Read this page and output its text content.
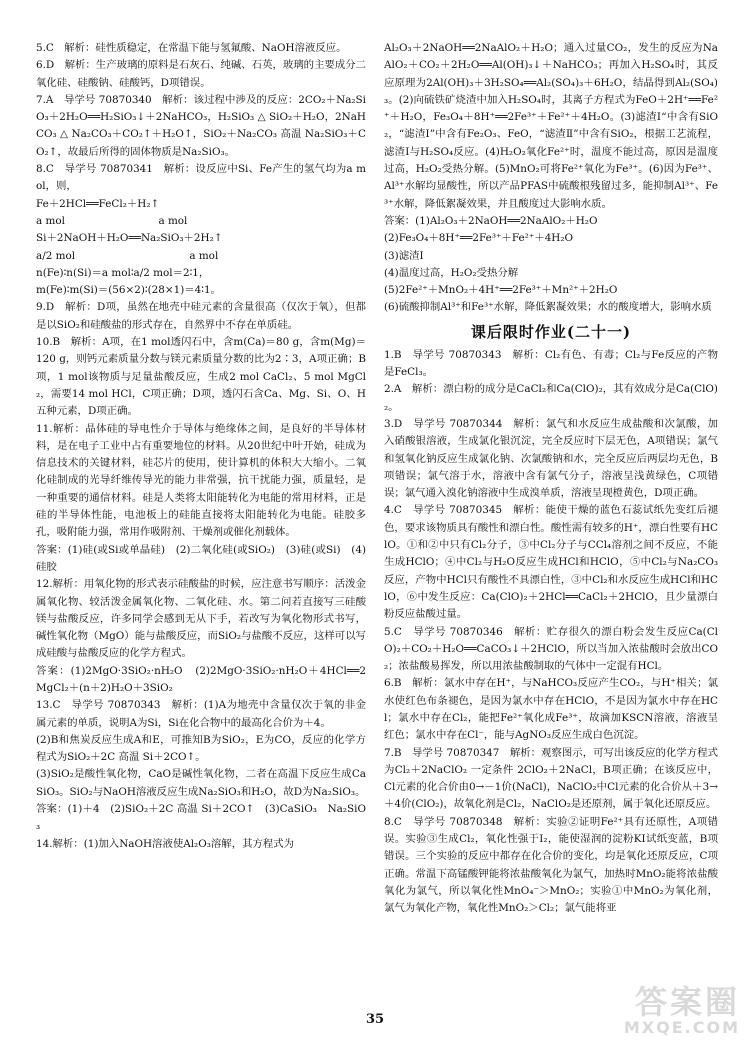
5.C　解析：硅性质稳定，在常温下能与氢氟酸、NaOH溶液反应。

6.D　解析：生产玻璃的原料是石灰石、纯碱、石英，玻璃的主要成分二氧化硅、硅酸钠、硅酸钙，D项错误。

7.A　导学号 70870340　解析：该过程中涉及的反应：2CO₂＋Na₂SiO₃＋2H₂O══H₂SiO₃↓＋2NaHCO₃，H₂SiO₃ △ SiO₂＋H₂O，2NaHCO₃ △ Na₂CO₃＋CO₂↑＋H₂O↑，SiO₂＋Na₂CO₃ 高温 Na₂SiO₃＋CO₂↑，故最后所得的固体物质是Na₂SiO₃。

8.C　导学号 70870341　解析：设反应中Si、Fe产生的氢气均为a mol，则，

Fe＋2HCl══FeCl₂＋H₂↑

a mol　　　　　　　　　a mol

Si＋2NaOH＋H₂O══Na₂SiO₃＋2H₂↑

a/2 mol　　　　　　　　　　　a mol

n(Fe)∶n(Si)＝a mol∶a/2 mol＝2∶1，

m(Fe)∶m(Si)＝(56×2)∶(28×1)＝4∶1。

9.D　解析：D项，虽然在地壳中硅元素的含量很高（仅次于氧），但都是以SiO₂和硅酸盐的形式存在，自然界中不存在单质硅。

10.B　解析：A项，在1 mol透闪石中，含m(Ca)＝80 g，含m(Mg)＝120 g，则钙元素质量分数与镁元素质量分数的比为2∶3，A项正确；B项，1 mol该物质与足量盐酸反应，生成2 mol CaCl₂、5 mol MgCl₂，需要14 mol HCl，C项正确；D项，透闪石含Ca、Mg、Si、O、H五种元素，D项正确。

11.解析：晶体硅的导电性介于导体与绝缘体之间，是良好的半导体材料，是在电子工业中占有重要地位的材料。从20世纪中叶开始，硅成为信息技术的关键材料，硅芯片的使用，使计算机的体积大大缩小。二氧化硅制成的光导纤维传导光的能力非常强，抗干扰能力强，质量轻，是一种重要的通信材料。硅是人类将太阳能转化为电能的常用材料，正是硅的半导体性能，电池板上的硅能直接将太阳能转化为电能。硅胶多孔，吸附能力强，常用作吸附剂、干燥剂或催化剂载体。

答案：(1)硅(或Si或单晶硅)　(2)二氧化硅(或SiO₂)　(3)硅(或Si)　(4)硅胶

12.解析：用氧化物的形式表示硅酸盐的时候，应注意书写顺序：活泼金属氧化物、较活泼金属氧化物、二氧化硅、水。第二问若直接写三硅酸镁与盐酸反应，许多同学会感到无从下手，若改写为氧化物形式书写，碱性氧化物（MgO）能与盐酸反应，而SiO₂与盐酸不反应，这样可以写成硅酸与盐酸反应的化学方程式。

答案：(1)2MgO·3SiO₂·nH₂O　(2)2MgO·3SiO₂·nH₂O＋4HCl══2MgCl₂＋(n＋2)H₂O＋3SiO₂

13.C　导学号 70870343　解析：(1)A为地壳中含量仅次于氧的非金属元素的单质，说明A为Si，Si在化合物中的最高化合价为＋4。

(2)B和焦炭反应生成A和E，可推知B为SiO₂，E为CO，反应的化学方程式为SiO₂＋2C 高温 Si＋2CO↑。

(3)SiO₂是酸性氧化物，CaO是碱性氧化物，二者在高温下反应生成CaSiO₃。SiO₂与NaOH溶液反应生成Na₂SiO₃和H₂O，故D为Na₂SiO₃。

答案：(1)＋4　(2)SiO₂＋2C 高温 Si＋2CO↑　(3)CaSiO₃　Na₂SiO₃

14.解析：(1)加入NaOH溶液使Al₂O₃溶解，其方程式为

Al₂O₃＋2NaOH══2NaAlO₂＋H₂O；通入过量CO₂，发生的反应为NaAlO₂＋CO₂＋2H₂O══Al(OH)₃↓＋NaHCO₃；再加入H₂SO₄时，其反应原理为2Al(OH)₃＋3H₂SO₄══Al₂(SO₄)₃＋6H₂O，结晶得到Al₂(SO₄)₃。(2)向硫铁矿烧渣中加入H₂SO₄时，其离子方程式为FeO＋2H⁺══Fe²⁺＋H₂O，Fe₃O₄＋8H⁺══2Fe³⁺＋Fe²⁺＋4H₂O。(3)滤渣Ⅰ“中含有SiO₂，“滤渣Ⅰ”中含有Fe₂O₃、FeO，“滤渣Ⅱ”中含有SiO₂，根据工艺流程，滤渣Ⅰ与H₂SO₄反应。(4)H₂O₂氧化Fe²⁺时，温度不能过高，原因是温度过高，H₂O₂受热分解。(5)MnO₂可将Fe²⁺氧化为Fe³⁺。(6)因为Fe³⁺、Al³⁺水解均显酸性，所以产品PFAS中硫酸根残留过多，能抑制Al³⁺、Fe³⁺水解，降低絮凝效果，并且酸度过大影响水质。

答案：(1)Al₂O₃＋2NaOH══2NaAlO₂＋H₂O

(2)Fe₃O₄＋8H⁺══2Fe³⁺＋Fe²⁺＋4H₂O

(3)滤渣Ⅰ

(4)温度过高，H₂O₂受热分解

(5)2Fe²⁺＋MnO₂＋4H⁺══2Fe³⁺＋Mn²⁺＋2H₂O

(6)硫酸抑制Al³⁺和Fe³⁺水解，降低絮凝效果；水的酸度增大，影响水质

课后限时作业(二十一)

1.B　导学号 70870343　解析：Cl₂有色、有毒；Cl₂与Fe反应的产物是FeCl₃。

2.A　解析：漂白粉的成分是CaCl₂和Ca(ClO)₂，其有效成分是Ca(ClO)₂。

3.D　导学号 70870344　解析：氯气和水反应生成盐酸和次氯酸，加入硝酸银溶液，生成氯化银沉淀，完全反应时下层无色，A项错误；氯气和氢氧化钠反应生成氯化钠、次氯酸钠和水，完全反应后两层均无色，B项错误；氯气溶于水，溶液中含有氯气分子，溶液呈浅黄绿色，C项错误；氯气通入溴化钠溶液中生成溴单质，溶液呈现橙黄色，D项正确。

4.C　导学号 70870345　解析：能使干燥的蓝色石蕊试纸先变红后褪色，要求该物质具有酸性和漂白性。酸性需有较多的H⁺，漂白性要有HClO。①和②中只有Cl₂分子，③中Cl₂分子与CCl₄溶剂之间不反应，不能生成HClO；④中Cl₂与H₂O反应生成HCl和HClO，⑤中Cl₂与Na₂CO₃反应，产物中HCl只有酸性不具漂白性，③中Cl₂和水反应生成HCl和HClO，⑥中发生反应：Ca(ClO)₂＋2HCl══CaCl₂＋2HClO，且少量漂白粉反应盐酸过量。

5.C　导学号 70870346　解析：贮存很久的漂白粉会发生反应Ca(ClO)₂＋CO₂＋H₂O══CaCO₃↓＋2HClO，所以当加入浓盐酸时会放出CO₂；浓盐酸易挥发，所以用浓盐酸制取的气体中一定混有HCl。

6.B　解析：氯水中存在H⁺，与NaHCO₃反应产生CO₂，与H⁺相关；氯水使红色布条褪色，是因为氯水中存在HClO，不是因为氯水中存在HCl；氯水中存在Cl₂，能把Fe²⁺氧化成Fe³⁺，故滴加KSCN溶液，溶液呈红色；氯水中存在Cl⁻，能与AgNO₃反应生成白色沉淀。

7.B　导学号 70870347　解析：观察图示，可写出该反应的化学方程式为Cl₂＋2NaClO₂ 一定条件 2ClO₂＋2NaCl，B项正确；在该反应中，Cl元素的化合价由0→－1价(NaCl)，NaClO₂中Cl元素的化合价从＋3→＋4价(ClO₂)，故氧化剂是Cl₂，NaClO₂是还原剂，属于氧化还原反应。

8.C　导学号 70870348　解析：实验②证明Fe²⁺具有还原性，A项错误。实验③生成Cl₂，氧化性强于I₂，能使湿润的淀粉KI试纸变蓝，B项错误。三个实验的反应中都存在化合价的变化，均是氧化还原反应，C项正确。常温下高锰酸钾能将浓盐酸氧化为氯气，加热时MnO₂能将浓盐酸氧化为氯气，所以氧化性MnO₄⁻＞MnO₂；实验①中MnO₂为氧化剂，氯气为氧化产物，氧化性MnO₂＞Cl₂；氯气能将亚

35	答案圈
MXQE.COM
